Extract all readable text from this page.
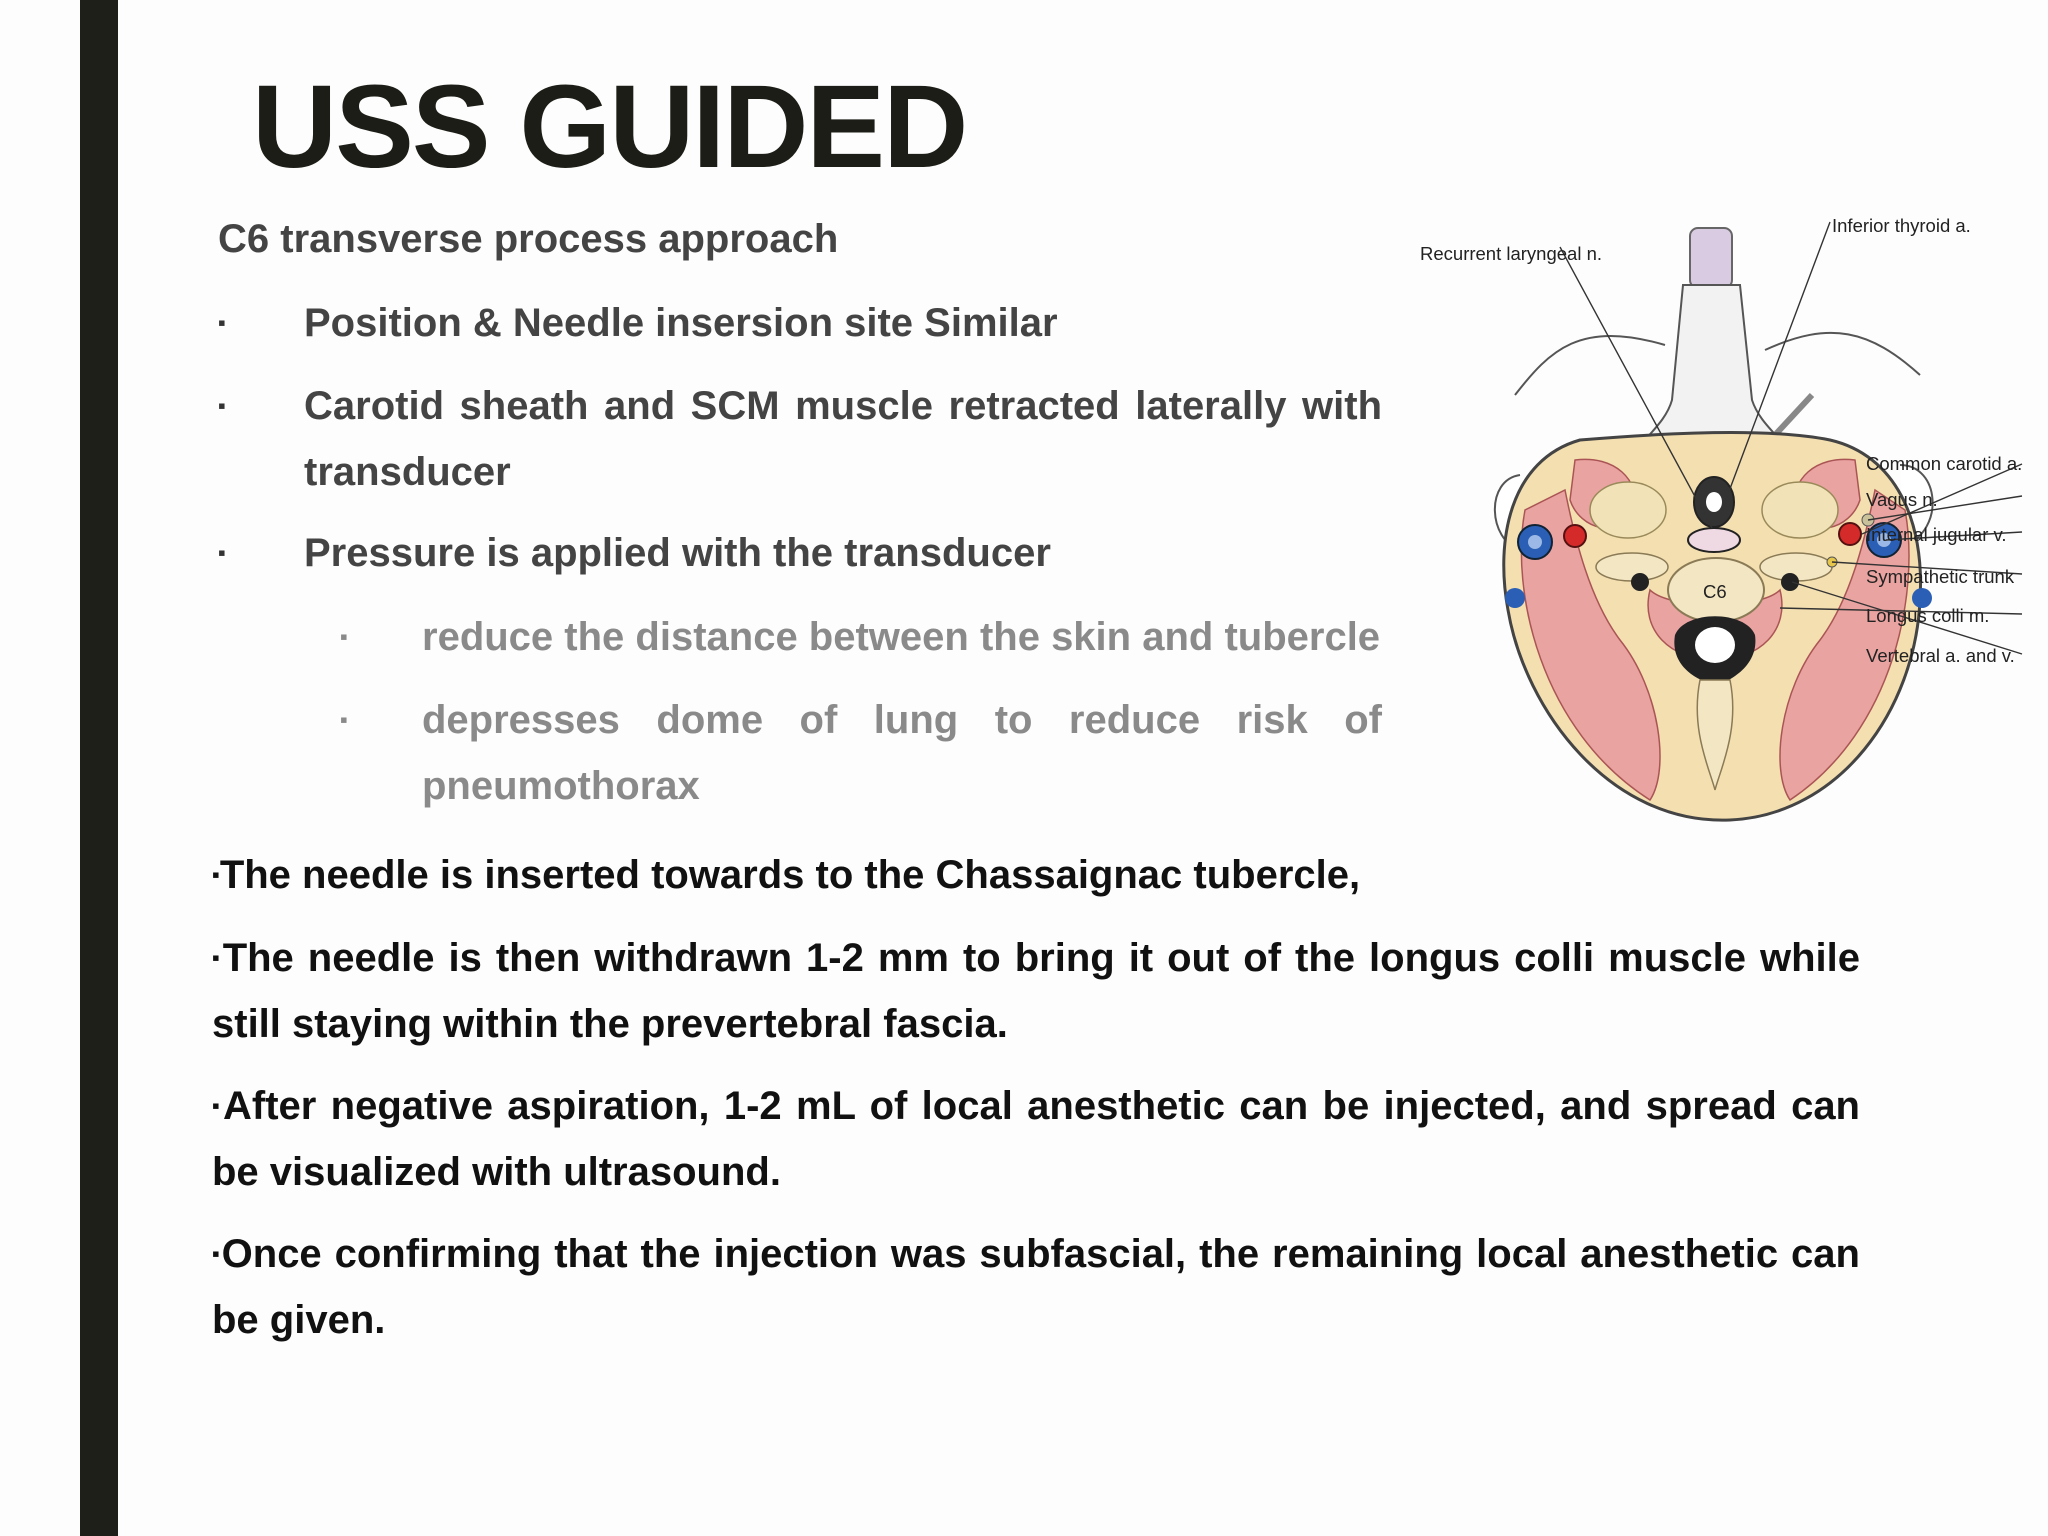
USS GUIDED
C6 transverse process approach
▪ Position & Needle insersion site Similar
▪ Carotid sheath and SCM muscle retracted laterally with transducer
▪ Pressure is applied with the transducer
▪ reduce the distance between the skin and tubercle
▪ depresses dome of lung to reduce risk of pneumothorax
▪The needle is inserted towards to the Chassaignac tubercle,
▪The needle is then withdrawn 1-2 mm to bring it out of the longus colli muscle while still staying within the prevertebral fascia.
▪After negative aspiration, 1-2 mL of local anesthetic can be injected, and spread can be visualized with ultrasound.
▪Once confirming that the injection was subfascial, the remaining local anesthetic can be given.
C6
Recurrent laryngeal n.
Inferior thyroid a.
Common carotid a.
Vagus n.
Internal jugular v.
Sympathetic trunk
Longus colli m.
Vertebral a. and v.
